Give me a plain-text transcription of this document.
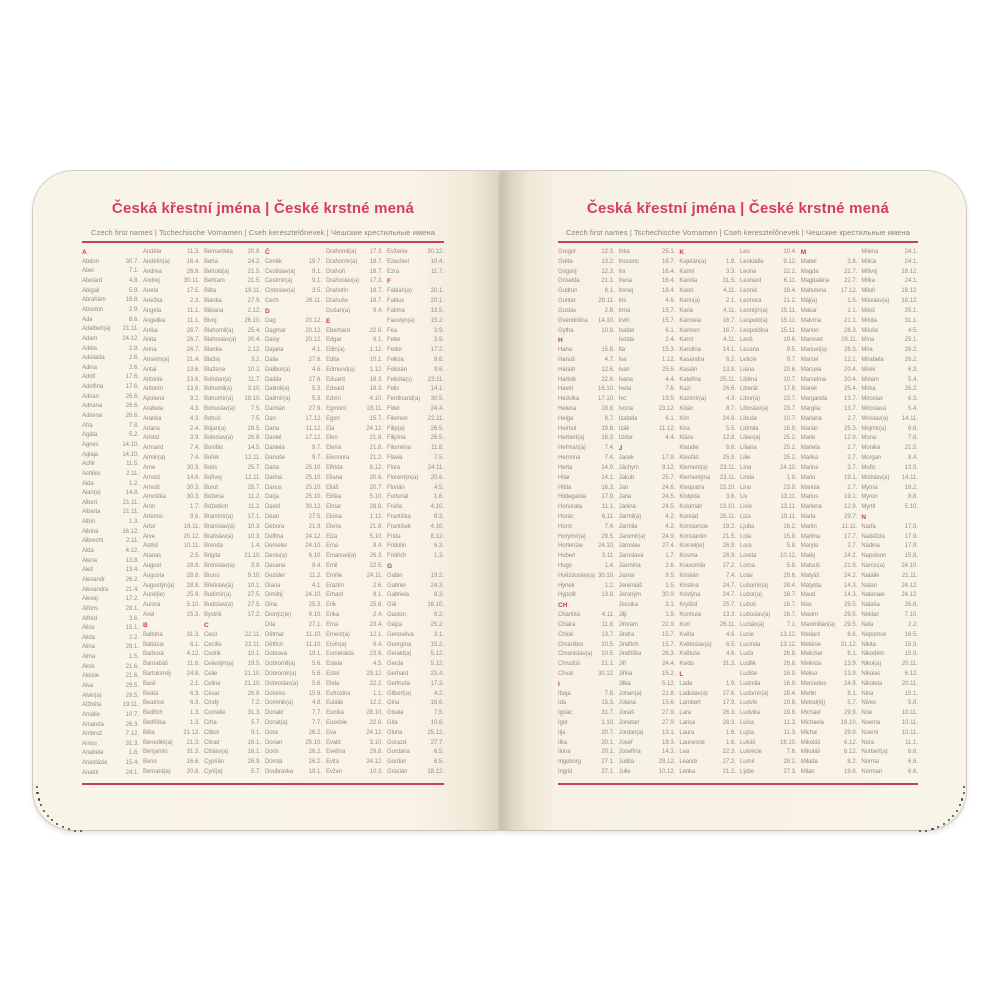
Česká křestní jména | České krstné mená
Czech first names | Tschechische Vornamen | Cseh keresztelőnevek | Чешские крестильные имена
A
Abdon	30.7.
Abel	7.1.
Abelard	4.8.
Abigail	5.9.
Abrahám	16.8.
Absolon	2.9.
Ada	8.6.
Adalbert(a) 21.11.
Adam	24.12.
Adéla	2.9.
Adelaida	2.6.
Adina	2.6.
Adolf	17.6.
Adolfína	17.6.
Adrian	26.6.
Adriana	26.6.
Adriena	26.6.
Afra	7.8.
Agáta	5.2.
Agnes	14.10.
Aglaja	14.10.
Achil	11.5.
Achiles	2.11.
Aida	1.2.
Alan(a)	14.8.
Albert	21.11.
Alberta	21.11.
Albín	1.3.
Albína	16.12.
Albrecht	2.11.
Alda	4.12.
Alena	13.8.
Aleš	13.4.
Alexandr	26.2.
Alexandra	21.4.
Alexej	17.2.
Alfons	28.1.
Alfréd	3.6.
Alice	15.1.
Alida	2.2.
Alina	29.1.
Alma	1.5.
Alois	21.6.
Aloisie	21.6.
Alva	29.5.
Alvin(a)	29.5.
Alžběta	19.11.
Amálie	10.7.
Amanda	26.3.
Ambrož	7.12.
Amos	31.3.
Anabela	1.6.
Anastázie	15.4.
Anatol	24.1.
Anděla	11.3.
Andělín(a)	16.4.
Andrea	26.9.
Andrej	30.11.
Aneta	17.5.
Anežka	2.3.
Angela	11.1.
Angelika	11.1.
Anika	26.7.
Anita	26.7.
Anna	26.7.
Anselm(a)	21.4.
Antal	13.6.
Antonie	13.6.
Antonín	13.6.
Apolena	9.2.
Arabela	4.3.
Aranka	4.3.
Ariana	2.4.
Aristid	3.9.
Armand	7.4.
Armin(a)	7.4.
Arne	30.3.
Arnold	14.8.
Arnošt	30.3.
Arnoštka	30.3.
Áron	1.7.
Artemis	9.6.
Artur	16.11.
Arve	20.12.
Astrid	10.11.
Atanas	2.5.
August	28.8.
Augusta	28.8.
Augustýn(a) 28.8.
Aurél(ie)	25.9.
Aurora	5.10.
Axel	25.3.
B
Balbína	31.3.
Baltazar	6.1.
Barbora	4.12.
Barnabáš	11.6.
Bartoloměj	24.8.
Basil	2.1.
Beáta	6.3.
Beatrice	6.3.
Bedřich	1.3.
Bedřiška	1.3.
Běla	21.12.
Benedikt(a) 21.3.
Benjamín	31.3.
Beno	16.6.
Bernard(a)	20.8.
Bernardeta 20.8.
Berta	24.2.
Bertold(a)	21.5.
Bertram	21.5.
Běta	19.11.
Bianka	27.9.
Bibiana	2.12.
Bivoj	26.10.
Blahomil(a) 25.4.
Blahoslav(a) 30.4.
Blanka	2.12.
Blažej	3.2.
Blažena	10.2.
Bohdan(a)	11.7.
Bohumil(a)	3.10.
Bohumír(a) 18.10.
Bohuslav(a)	7.5.
Bohuš	7.5.
Bojan(a)	28.5.
Boleslav(a) 26.8.
Bonifác	14.5.
Bořek	12.11.
Boris	25.7.
Bořivoj	12.11.
Borut	25.7.
Božena	11.2.
Božetěch	11.2.
Branimír(a) 17.1.
Branislav(a) 10.3.
Bratislav(a) 10.3.
Brenda	1.4.
Brigita	21.10.
Bronislav(a)	3.9.
Bruno	9.10.
Břetislav(a) 10.1.
Budimír(a)	27.5.
Budislav(a) 27.5.
Bystrík	17.2.
C
Cecil	22.11.
Cecílie	22.11.
Cedrik	10.1.
Celestýn(a) 19.5.
Celie	21.10.
Celina	21.10.
César	26.8.
Cindy	7.2.
Cornelie	31.3.
Crha	5.7.
Ctibor	9.1.
Ctirad	16.1.
Ctislav(a)	16.1.
Cyprián	26.9.
Cyril(a)	5.7.
Č
Čeněk	19.7.
Čestislav(a)	9.1.
Čestmír(a)	9.1.
Čistoslav(a)	3.5.
Čech	26.11.
D
Dag	20.12.
Dagmar	20.12.
Daisy	20.12.
Dajana	4.1.
Dalia	27.6.
Dalibor(a)	4.6.
Dalida	27.6.
Dalimil(a)	5.3.
Dalimír(a)	5.3.
Damián	27.9.
Dan	17.12.
Dana	11.12.
Daniel	17.12.
Daniela	9.7.
Danuše	9.7.
Daria	25.10.
Darina	25.10.
Darius	25.10.
Darja	25.10.
David	30.12.
Dean	27.5.
Debora	21.9.
Delfína	24.12.
Demeter	24.10.
Denis(a)	6.10.
Desana	9.4.
Dezider	11.2.
Diana	4.1.
Dimitrij	24.10.
Dina	25.3.
Dionýz(ie)	9.10.
Dita	27.1.
Dětmar	11.10.
Dětřich	11.10.
Dobrava	19.1.
Dobromil(a)	5.6.
Dobromír(a)	5.6.
Dobroslav(a) 5.6.
Dolores	15.9.
Dominik(a)	4.8.
Donald	7.7.
Donát(a)	7.7.
Dora	26.2.
Dorian	25.10.
Doris	26.2.
Dorota	26.2.
Doubravka	19.1.
Drahomil(a) 17.3.
Drahomír(a) 18.7.
Drahoň	18.7.
Drahoslav(a) 17.3.
Drahotín	18.7.
Drahuše	18.7.
Dušan(a)	9.4.
E
Eberhard	22.6.
Edgar	8.1.
Edin(a)	1.12.
Edita	10.1.
Edmund(a) 1.12.
Eduard	18.3.
Edvard	18.3.
Edvín	4.10.
Egmont	28.11.
Egon	15.7.
Ela	24.12.
Elen	21.8.
Elena	21.8.
Eleonora	21.2.
Elfrída	8.12.
Eliana	20.6.
Eliáš	20.7.
Eliška	5.10.
Elmar	28.8.
Eloisa	1.12.
Elvíra	21.6.
Elza	5.10.
Ema	8.4.
Emanuel(a) 26.3.
Emil	22.5.
Emílie	24.11.
Erazim	2.6.
Erhard	8.1.
Erik	25.8.
Erika	2.4.
Erna	23.4.
Ernest(a)	12.1.
Ervín(a)	8.4.
Esmeralda	23.6.
Estela	4.5.
Ester	29.12.
Etela	22.2.
Eufrozina	1.1.
Eulálie	12.2.
Eunika	28.10.
Eusebie	22.6.
Eva	24.12.
Evald	3.10.
Evelína	29.8.
Evita	24.12.
Evžen	10.3.
Evženie	30.12.
Ezechiel	10.4.
Ezra	11.7.
F
Fabián(a)	20.1.
Fabius	20.1.
Fatima	13.5.
Faustýn(a)	15.2.
Fea	3.9.
Febe	3.9.
Fedor	17.2.
Felicia	9.6.
Felicián	9.6.
Felicita(s)	23.11.
Felix	14.1.
Ferdinand(a) 30.5.
Fidel	24.4.
Filemon	22.11.
Filip(a)	26.5.
Filipína	26.5.
Filoména	11.8.
Flavia	7.5.
Flora	24.11.
Florentýn(a) 20.6.
Florián	4.5.
Fortunát	1.6.
Fráňa	4.10.
Františka	9.3.
František	4.10.
Frída	8.12.
Fridolín	6.3.
Fridrich	1.3.
G
Gabin	19.2.
Gabriel	24.3.
Gabriela	8.3.
Gál	16.10.
Gaston	6.2.
Gejza	25.2.
Genovéva	3.1.
Georgína	15.2.
Gerald(a)	5.12.
Gerda	5.12.
Gerhard	23.4.
Gertruda	17.3.
Gilbert(a)	4.2.
Gina	16.6.
Gisela	7.5.
Gita	10.6.
Gloria	25.12.
Gorazd	27.7.
Gordana	6.5.
Gordon	6.5.
Gracián	18.12.
Česká křestní jména | České krstné mená
Czech first names | Tschechische Vornamen | Cseh keresztelőnevek | Чешские крестильные имена
Gregor	12.3.
Gréta	13.2.
Grigorij	12.3.
Griselda	21.1.
Gudrun	8.1.
Gunter	28.11.
Gustav	2.8.
Gvendolína 14.10.
Gytha	10.9.
H
Hana	15.8.
Hanuš	4.7.
Harald	12.6.
Hartvik	22.6.
Havel	16.10.
Hedvika	17.10.
Helena	18.8.
Helga	8.7.
Helmut	19.8.
Herbert(a)	16.3.
Heřman(a)	7.4.
Hermína	7.4.
Herta	14.9.
Hilar	14.1.
Hilda	16.3.
Hildegarda	17.9.
Honorata	11.1.
Horác	6.11.
Horst	7.4.
Horymír(a)	29.5.
Hortenzie	24.10.
Hubert	3.11.
Hugo	1.4.
Hvězdoslav(a) 30.10.
Hynek	1.2.
Hypolit	13.8.
CH
Charlota	4.11.
Chiara	11.8.
Chloé	13.7.
Chranibor	10.5.
Chranislav(a) 10.5.
Chrudoš	21.1.
Chval	30.12.
I
Iboja	7.8.
Ida	15.3.
Ignác	31.7.
Igor	1.10.
Ilja	20.7.
Ilka	20.1.
Ilona	20.1.
Ingeborg	27.1.
Ingrid	27.1.
Inka	25.1.
Inocenc	16.7.
Ira	16.4.
Irena	16.4.
Irenej	18.4.
Iris	4.6.
Irma	15.7.
Irvin	15.7.
Isabel	6.1.
Isolda	2.4.
Ita	15.3.
Iva	1.12.
Ivan	25.6.
Ivana	4.4.
Iveta	7.6.
Ivo	19.5.
Ivona	23.12.
Izabela	6.1.
Izák	11.12.
Izidor	4.4.
J
Jacek	17.8.
Jáchym	9.12.
Jakub	25.7.
Jan	24.6.
Jana	24.5.
Janina	24.5.
Jarmil(a)	4.2.
Jarmila	4.2.
Jaromír(a)	24.9.
Jaroslav	27.4.
Jaroslava	1.7.
Jasmína	2.6.
Jasna	9.5.
Jeremiáš	1.5.
Jeroným	30.9.
Jessika	3.1.
Jiljí	1.9.
Jimram	22.9.
Jindra	15.7.
Jindřich	15.7.
Jindřiška	26.3.
Jiří	24.4.
Jiřina	15.2.
Jitka	5.12.
Johan(a)	21.8.
Jolana	15.6.
Jonáš	27.9.
Jonatan	27.9.
Jordan(a)	13.1.
Josef	19.3.
Josefína	14.3.
Judita	29.12.
Julie	10.12.
K
Kajetán(a)	1.8.
Kamil	3.3.
Kamila	31.5.
Karel	4.11.
Karin(a)	2.1.
Karla	4.11.
Karmela	16.7.
Karmen	16.7.
Karol	4.11.
Karolína	14.1.
Kasandra	6.2.
Kasián	13.8.
Kateřina	25.11.
Kazi	26.6.
Kazimír(a)	4.3.
Kilián	8.7.
Kim	24.8.
Kira	5.5.
Klára	12.8.
Klaudie	6.6.
Kleofáš	25.9.
Klement(a) 23.11.
Klementýna 23.11.
Kleopatra	23.10.
Klotylda	3.6.
Koloman	13.10.
Konrád	26.11.
Konstancie 19.2.
Konstantin	21.5.
Kornel(ie)	26.9.
Kosma	26.9.
Krasomila	27.2.
Kristián	7.4.
Kristina	24.7.
Kristýna	24.7.
Kryštof	25.7.
Kunhuta	13.3.
Kurt	26.11.
Květa	4.6.
Květoslav(a) 6.5.
Květuše	4.6.
Kvido	31.3.
L
Lada	1.9.
Ladislav(a)	27.6.
Lambert	17.9.
Lara	26.3.
Larisa	26.3.
Laura	1.6.
Laurencie	1.6.
Lea	22.3.
Leandr	27.2.
Lenka	21.2.
Leo	10.4.
Leokádie	9.12.
Leona	22.2.
Leonard	6.11.
Leonid	16.4.
Leonora	21.2.
Leontýn(a) 15.11.
Leopold(a) 15.11.
Leopoldina 15.11.
Leoš	19.6.
Lesana	9.5.
Leticie	9.7.
Liana	20.6.
Liběna	10.7.
Liberát	17.8.
Libor(a)	23.7.
Liboslav(a)	23.7.
Libuše	10.7.
Lidmila	16.9.
Lilian(a)	25.2.
Liliana	25.2.
Lilie	25.2.
Lína	24.10.
Linda	1.9.
Lino	23.9.
Liv	13.11.
Livie	13.11.
Liza	19.11.
Ljuba	16.2.
Lola	15.9.
Lora	5.8.
Loreta	10.12.
Lorna	5.8.
Lotar	29.6.
Lubomír(a) 28.4.
Lubor(a)	16.7.
Luboš	16.7.
Luboslav(a) 16.7.
Lucián(a)	7.1.
Lucie	13.12.
Lucinda	13.12.
Luďa	26.8.
Luděk	26.8.
Ludiše	16.9.
Ludmila	16.9.
Ludomír(a) 28.4.
Ludvík	19.8.
Ludvika	19.8.
Luisa	11.3.
Lujza	11.3.
Lukáš	18.10.
Lukrécie	7.6.
Lumír	28.2.
Lýdie	27.3.
M
Mabel	3.8.
Magda	22.7.
Magdaléna 22.7.
Mahulena 17.12.
Máj(a)	1.5.
Makar	2.1.
Malvína	21.1.
Manon	26.3.
Mansvet	28.11.
Manuel(a)	26.3.
Marcel	12.1.
Marcela	20.4.
Marcelína	20.4.
Marek	25.4.
Margareta	13.7.
Margita	13.7.
Mariana	2.7.
Marián	25.3.
Marie	12.9.
Marieta	2.7.
Marika	2.7.
Marina	3.7.
Mario	19.1.
Mariola	2.7.
Marius	19.1.
Marlena	12.9.
Marta	29.7.
Martin	11.11.
Martina	17.7.
Maryla	2.7.
Matěj	24.2.
Matouš	21.9.
Matyáš	24.2.
Matylda	14.3.
Maud	14.3.
Max	29.5.
Maxim	29.5.
Maximilián(a) 29.5.
Medard	8.6.
Melánie	31.12.
Melichar	6.1.
Melinda	13.9.
Melisa	13.9.
Mercedes	24.9.
Merlin	8.1.
Metod(ěj)	5.7.
Michael	29.9.
Michaela	19.10.
Michal	29.9.
Mikoláš	6.12.
Mikuláš	6.12.
Milada	8.2.
Milan	19.6.
Milena	24.1.
Milica	24.1.
Milivoj	18.12.
Milka	24.1.
Miloň	18.12.
Miloslav(a) 18.12.
Miloš	25.1.
Milota	31.1.
Miluše	4.5.
Mína	25.1.
Mira	26.2.
Mirabela	26.2.
Mirek	6.3.
Miriam	5.4.
Mirka	26.2.
Miroslav	6.3.
Miroslava	5.4.
Mnislav(a) 14.11.
Mojmír(a)	8.8.
Mona	7.8.
Monika	21.5.
Morgan	8.4.
Mořic	13.9.
Mstislav(a) 14.11.
Myrna	18.2.
Myron	8.8.
Myrtil	5.10.
N
Naďa	17.9.
Naděžda	17.9.
Nadina	17.9.
Napoleon	15.8.
Narcis(a)	24.10.
Natálie	21.11.
Natan	24.12.
Natanael	24.12.
Nataša	26.8.
Neklan	7.10.
Nela	2.2.
Nepomuk	16.5.
Nikita	15.9.
Nikodém	15.9.
Nikol(a)	20.11.
Nikolas	6.12.
Nikoleta	20.11.
Nina	15.1.
Nives	5.8.
Noe	10.11.
Noema	10.11.
Noemi	10.11.
Nora	11.1.
Norbert(a)	6.6.
Norma	6.6.
Norman	6.6.
